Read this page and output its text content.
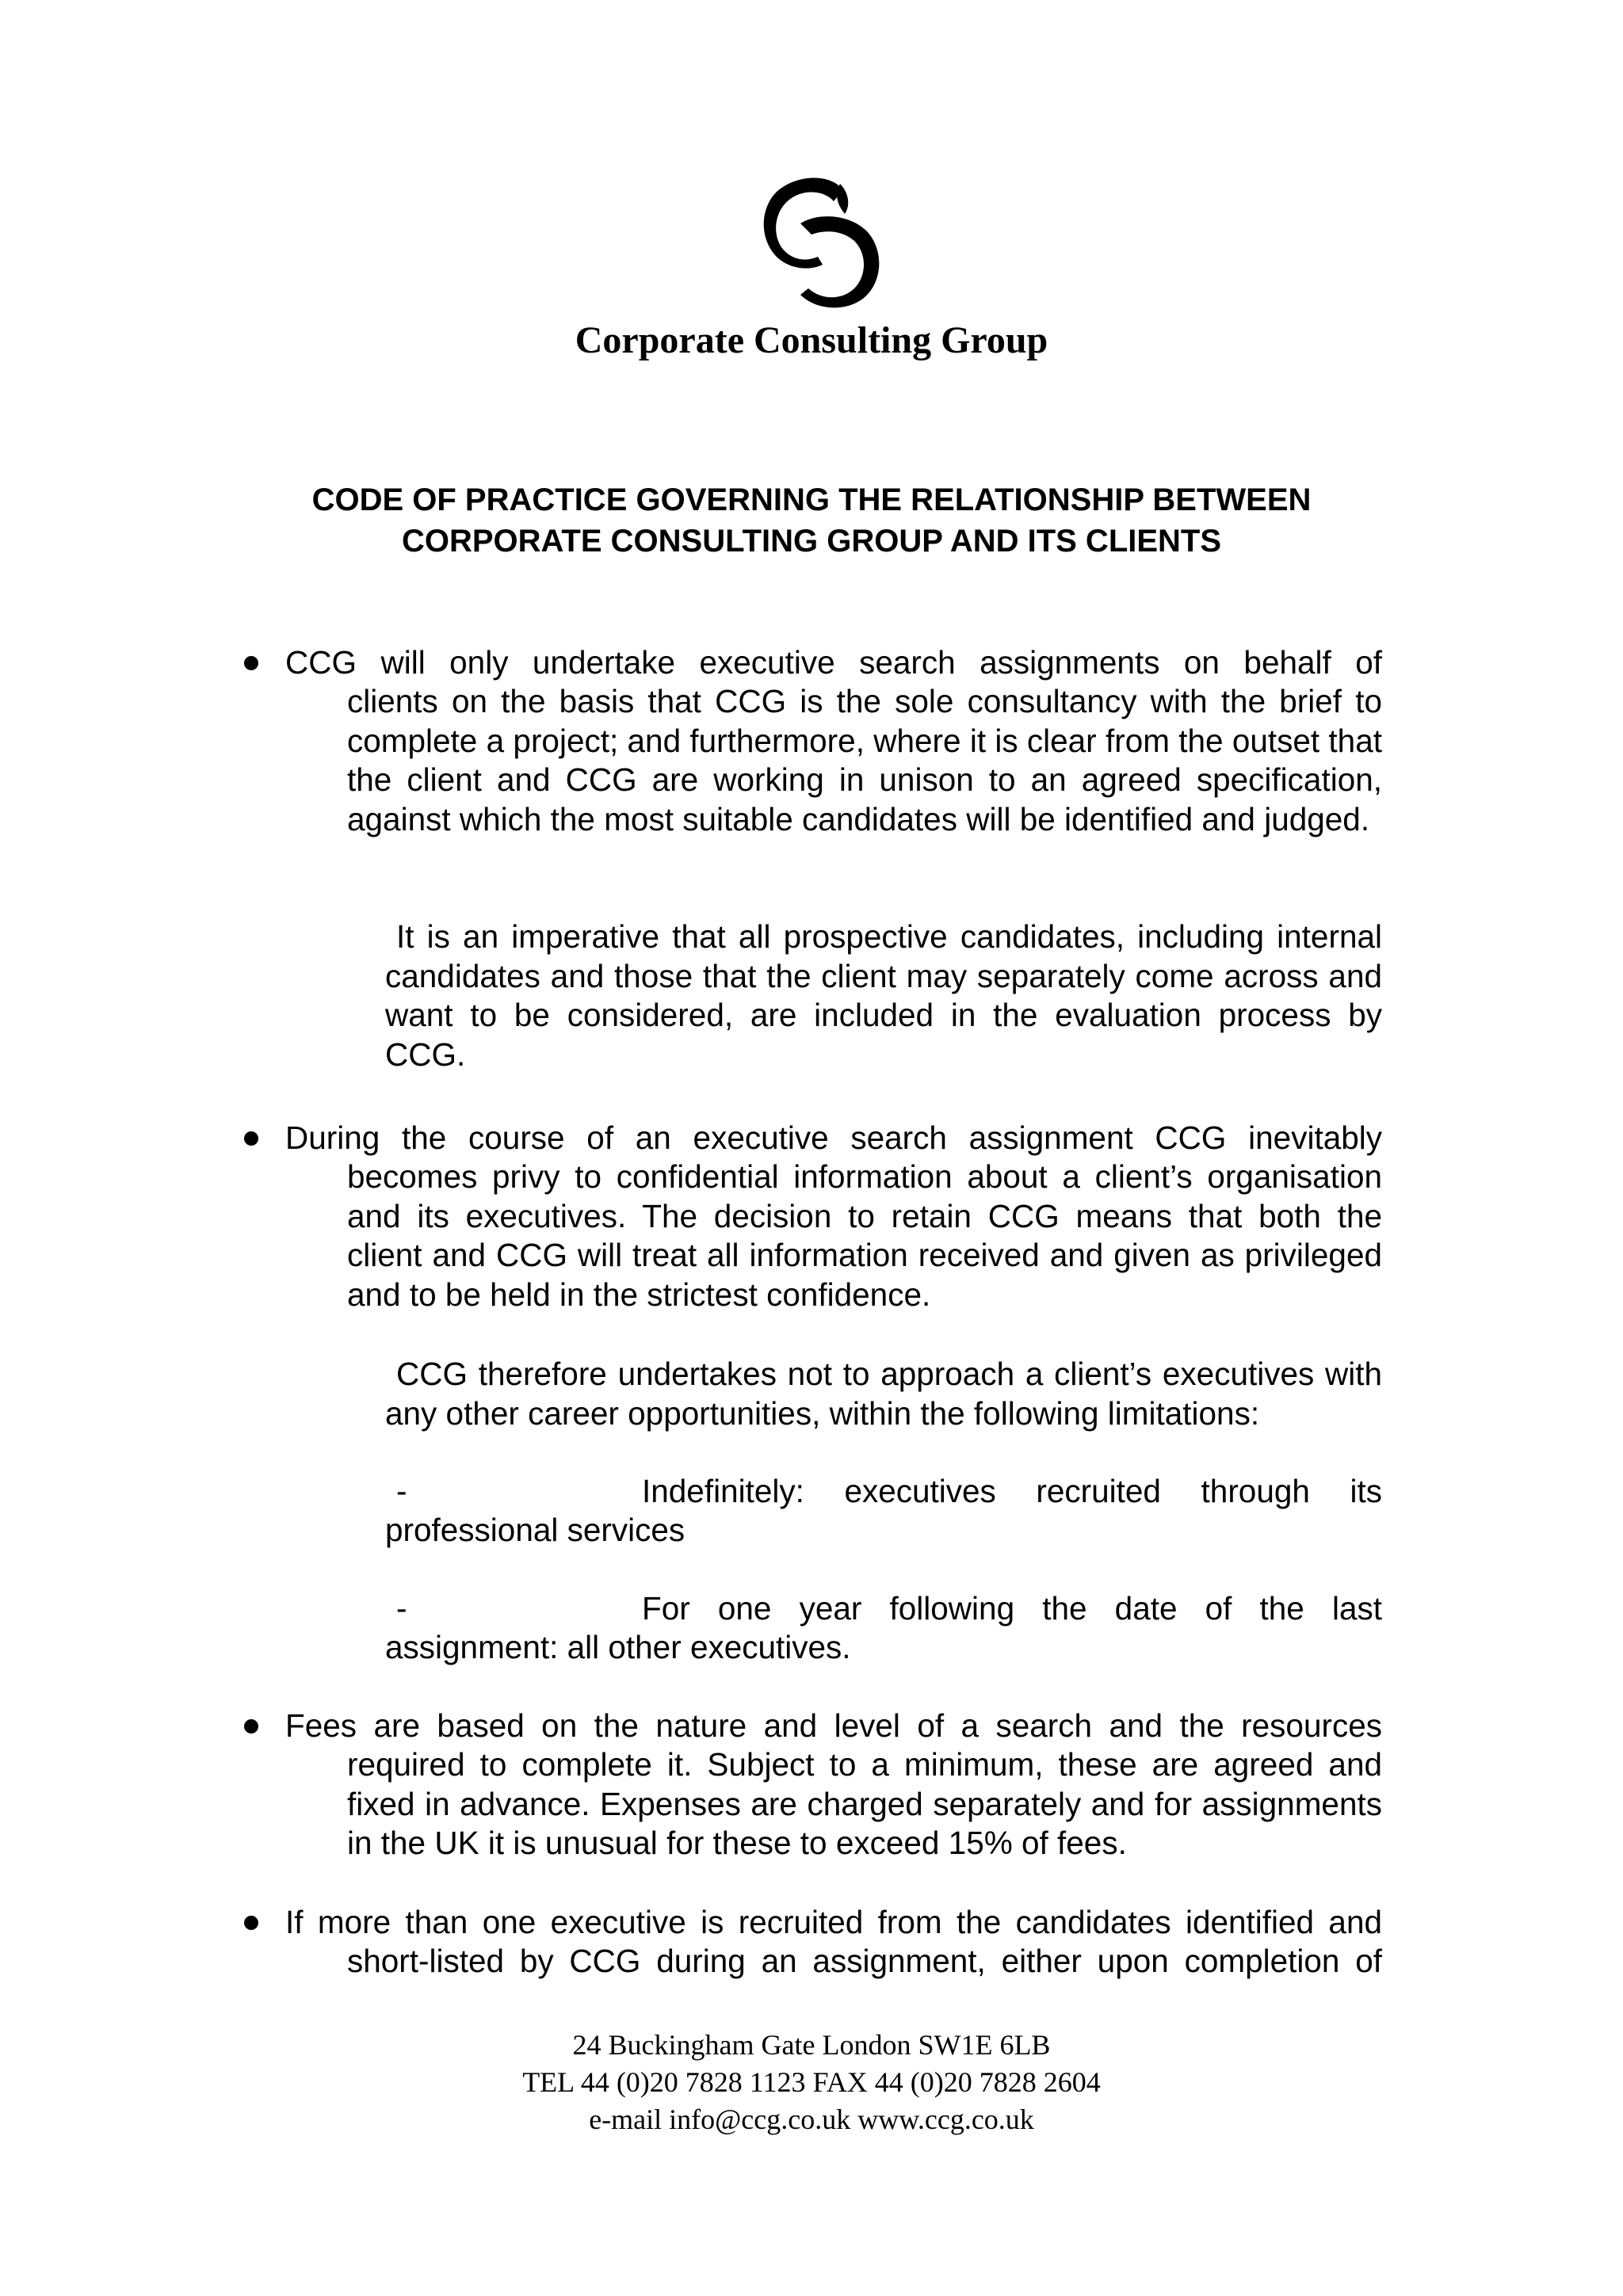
Corporate Consulting Group
CODE OF PRACTICE GOVERNING THE RELATIONSHIP BETWEEN
CORPORATE CONSULTING GROUP AND ITS CLIENTS
CCG will only undertake executive search assignments on behalf of
clients on the basis that CCG is the sole consultancy with the brief to complete a project; and furthermore, where it is clear from the outset that the client and CCG are working in unison to an agreed specification, against which the most suitable candidates will be identified and judged.
It is an imperative that all prospective candidates, including internal candidates and those that the client may separately come across and want to be considered, are included in the evaluation process by CCG.
During the course of an executive search assignment CCG inevitably
becomes privy to confidential information about a client’s organisation and its executives. The decision to retain CCG means that both the client and CCG will treat all information received and given as privileged and to be held in the strictest confidence.
CCG therefore undertakes not to approach a client’s executives with any other career opportunities, within the following limitations:
-	Indefinitely: executives recruited through its
professional services
-	For one year following the date of the last
assignment: all other executives.
Fees are based on the nature and level of a search and the resources
required to complete it. Subject to a minimum, these are agreed and fixed in advance. Expenses are charged separately and for assignments in the UK it is unusual for these to exceed 15% of fees.
If more than one executive is recruited from the candidates identified and
short-listed by CCG during an assignment, either upon completion of
24 Buckingham Gate London SW1E 6LB
TEL 44 (0)20 7828 1123 FAX 44 (0)20 7828 2604
e-mail info@ccg.co.uk www.ccg.co.uk
